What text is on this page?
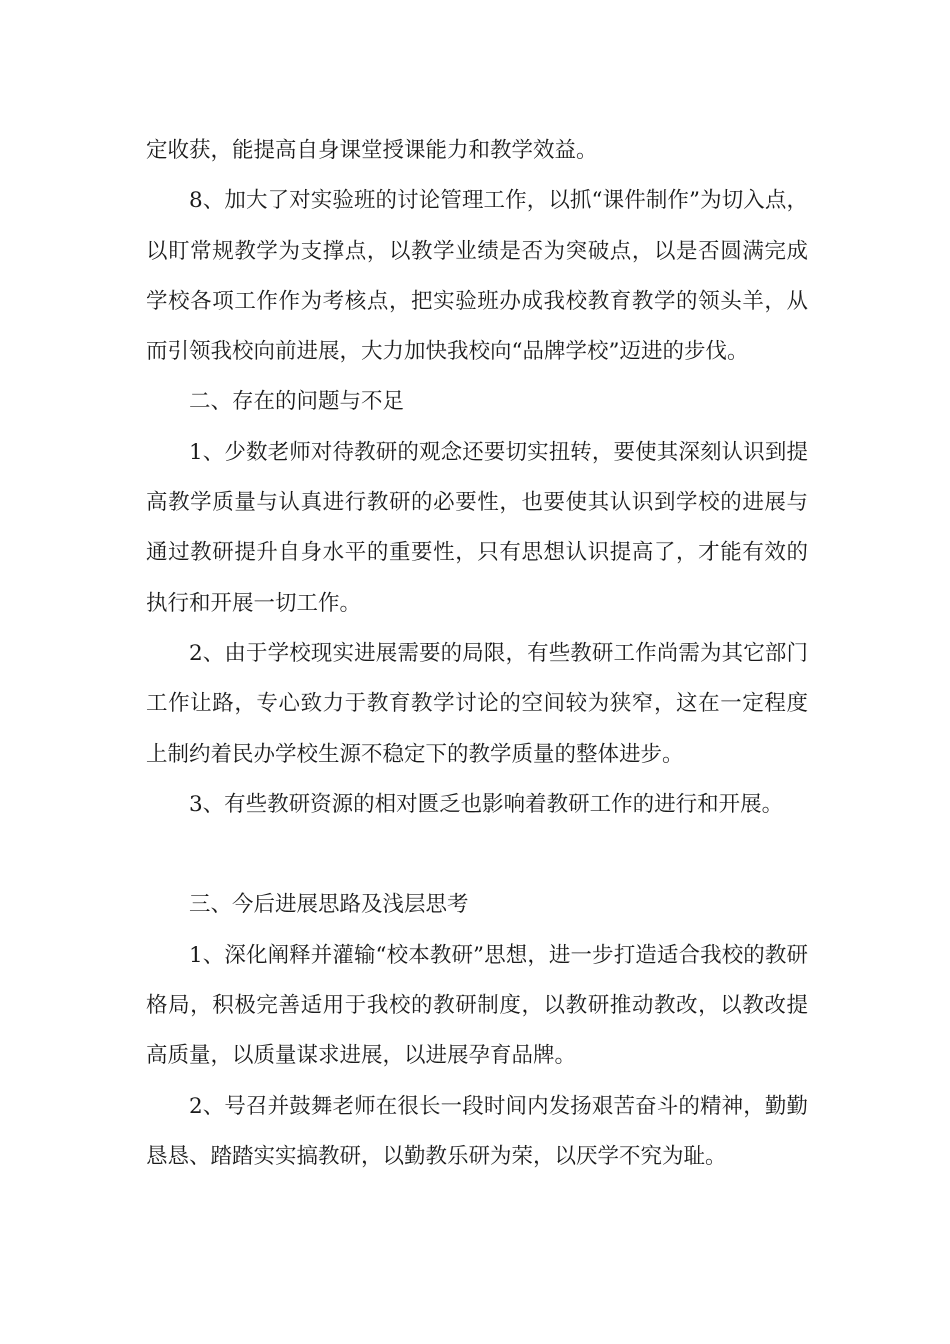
定收获，能提高自身课堂授课能力和教学效益。

8、加大了对实验班的讨论管理工作，以抓“课件制作”为切入点，以盯常规教学为支撑点，以教学业绩是否为突破点，以是否圆满完成学校各项工作作为考核点，把实验班办成我校教育教学的领头羊，从而引领我校向前进展，大力加快我校向“品牌学校”迈进的步伐。

二、存在的问题与不足

1、少数老师对待教研的观念还要切实扭转，要使其深刻认识到提高教学质量与认真进行教研的必要性，也要使其认识到学校的进展与通过教研提升自身水平的重要性，只有思想认识提高了，才能有效的执行和开展一切工作。

2、由于学校现实进展需要的局限，有些教研工作尚需为其它部门工作让路，专心致力于教育教学讨论的空间较为狭窄，这在一定程度上制约着民办学校生源不稳定下的教学质量的整体进步。

3、有些教研资源的相对匮乏也影响着教研工作的进行和开展。

三、今后进展思路及浅层思考

1、深化阐释并灌输“校本教研”思想，进一步打造适合我校的教研格局，积极完善适用于我校的教研制度，以教研推动教改，以教改提高质量，以质量谋求进展，以进展孕育品牌。

2、号召并鼓舞老师在很长一段时间内发扬艰苦奋斗的精神，勤勤恳恳、踏踏实实搞教研，以勤教乐研为荣，以厌学不究为耻。
